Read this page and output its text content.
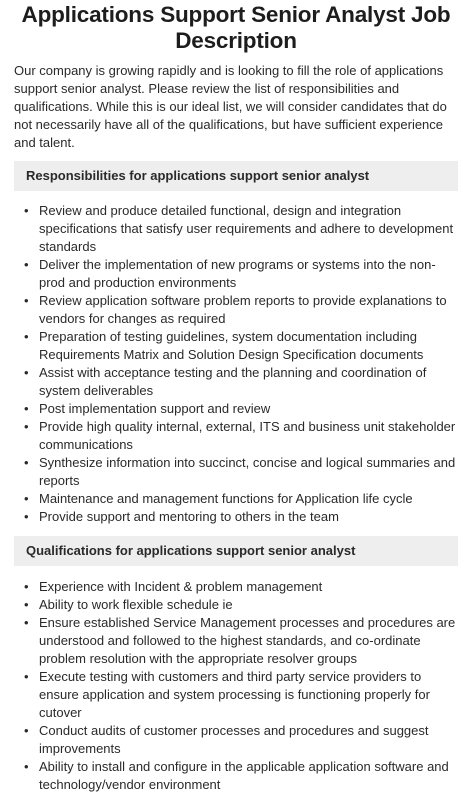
Applications Support Senior Analyst Job Description

Our company is growing rapidly and is looking to fill the role of applications support senior analyst. Please review the list of responsibilities and qualifications. While this is our ideal list, we will consider candidates that do not necessarily have all of the qualifications, but have sufficient experience and talent.

Responsibilities for applications support senior analyst
• Review and produce detailed functional, design and integration specifications that satisfy user requirements and adhere to development standards
• Deliver the implementation of new programs or systems into the non-prod and production environments
• Review application software problem reports to provide explanations to vendors for changes as required
• Preparation of testing guidelines, system documentation including Requirements Matrix and Solution Design Specification documents
• Assist with acceptance testing and the planning and coordination of system deliverables
• Post implementation support and review
• Provide high quality internal, external, ITS and business unit stakeholder communications
• Synthesize information into succinct, concise and logical summaries and reports
• Maintenance and management functions for Application life cycle
• Provide support and mentoring to others in the team
Qualifications for applications support senior analyst
• Experience with Incident & problem management
• Ability to work flexible schedule ie
• Ensure established Service Management processes and procedures are understood and followed to the highest standards, and co-ordinate problem resolution with the appropriate resolver groups
• Execute testing with customers and third party service providers to ensure application and system processing is functioning properly for cutover
• Conduct audits of customer processes and procedures and suggest improvements
• Ability to install and configure in the applicable application software and technology/vendor environment
